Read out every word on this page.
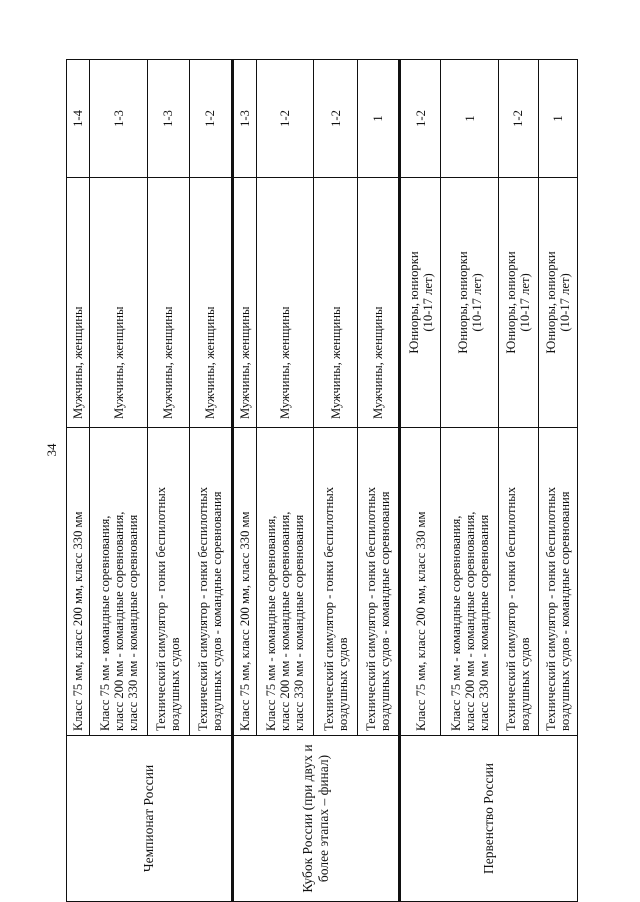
34
Чемпионат России	Класс 75 мм, класс 200 мм, класс 330 мм	Мужчины, женщины	1-4

	Класс 75 мм - командные соревнования, класс 200 мм - командные соревнования, класс 330 мм - командные соревнования	Мужчины, женщины	1-3

	Технический симулятор - гонки беспилотных воздушных судов	Мужчины, женщины	1-3

	Технический симулятор - гонки беспилотных воздушных судов - командные соревнования	Мужчины, женщины	1-2
Кубок России (при двух и более этапах – финал)	Класс 75 мм, класс 200 мм, класс 330 мм	Мужчины, женщины	1-3

	Класс 75 мм - командные соревнования, класс 200 мм - командные соревнования, класс 330 мм - командные соревнования	Мужчины, женщины	1-2

	Технический симулятор - гонки беспилотных воздушных судов	Мужчины, женщины	1-2

	Технический симулятор - гонки беспилотных воздушных судов - командные соревнования	Мужчины, женщины	1
Первенство России	Класс 75 мм, класс 200 мм, класс 330 мм	Юниоры, юниорки (10-17 лет)	1-2

	Класс 75 мм - командные соревнования, класс 200 мм - командные соревнования, класс 330 мм - командные соревнования	Юниоры, юниорки (10-17 лет)	1

	Технический симулятор - гонки беспилотных воздушных судов	Юниоры, юниорки (10-17 лет)	1-2

	Технический симулятор - гонки беспилотных воздушных судов - командные соревнования	Юниоры, юниорки (10-17 лет)	1
